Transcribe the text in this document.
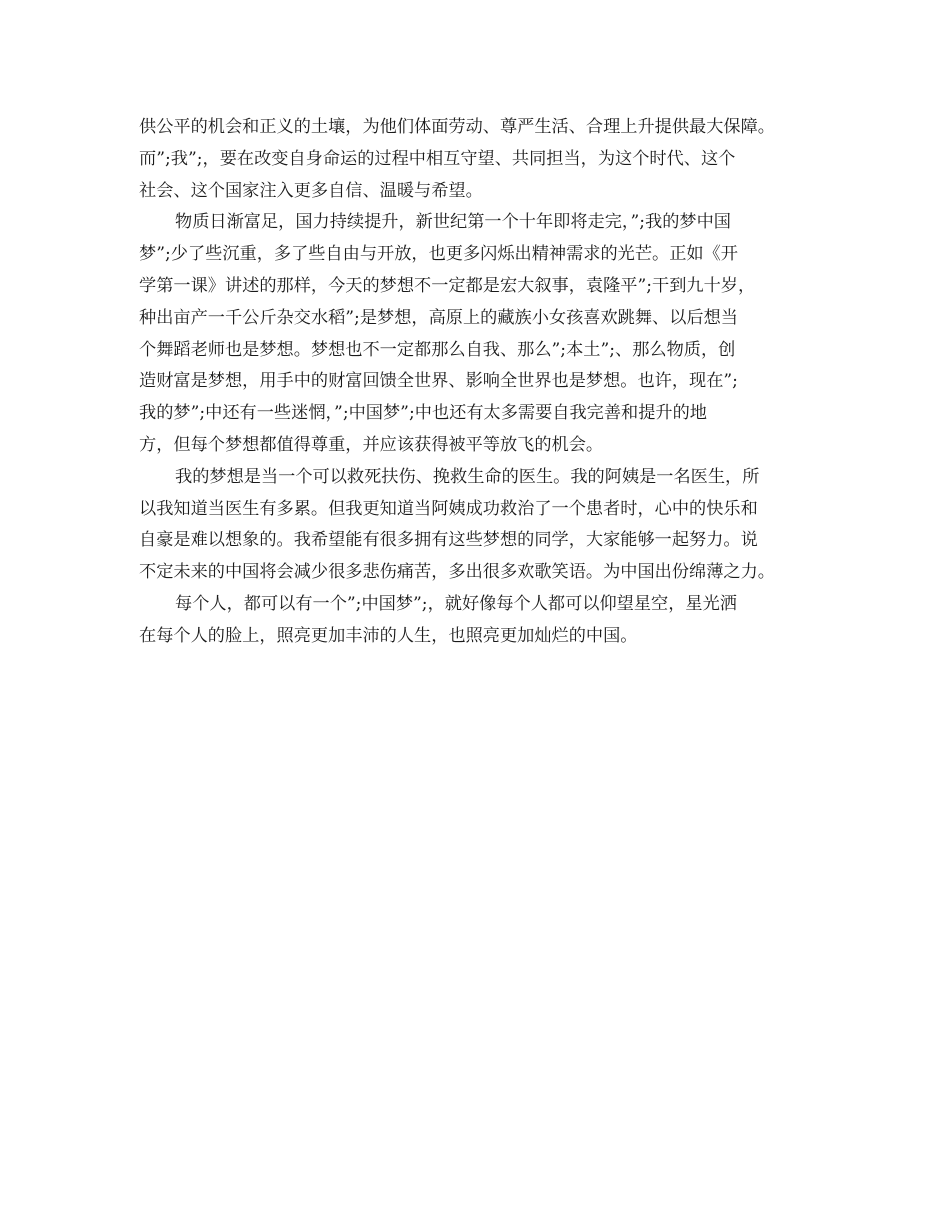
供公平的机会和正义的土壤，为他们体面劳动、尊严生活、合理上升提供最大保障。
而”;我”;，要在改变自身命运的过程中相互守望、共同担当，为这个时代、这个
社会、这个国家注入更多自信、温暖与希望。
物质日渐富足，国力持续提升，新世纪第一个十年即将走完，”;我的梦中国
梦”;少了些沉重，多了些自由与开放，也更多闪烁出精神需求的光芒。正如《开
学第一课》讲述的那样，今天的梦想不一定都是宏大叙事，袁隆平”;干到九十岁，
种出亩产一千公斤杂交水稻”;是梦想，高原上的藏族小女孩喜欢跳舞、以后想当
个舞蹈老师也是梦想。梦想也不一定都那么自我、那么”;本土”;、那么物质，创
造财富是梦想，用手中的财富回馈全世界、影响全世界也是梦想。也许，现在”;
我的梦”;中还有一些迷惘，”;中国梦”;中也还有太多需要自我完善和提升的地
方，但每个梦想都值得尊重，并应该获得被平等放飞的机会。
我的梦想是当一个可以救死扶伤、挽救生命的医生。我的阿姨是一名医生，所
以我知道当医生有多累。但我更知道当阿姨成功救治了一个患者时，心中的快乐和
自豪是难以想象的。我希望能有很多拥有这些梦想的同学，大家能够一起努力。说
不定未来的中国将会减少很多悲伤痛苦，多出很多欢歌笑语。为中国出份绵薄之力。
每个人，都可以有一个”;中国梦”;，就好像每个人都可以仰望星空，星光洒
在每个人的脸上，照亮更加丰沛的人生，也照亮更加灿烂的中国。
